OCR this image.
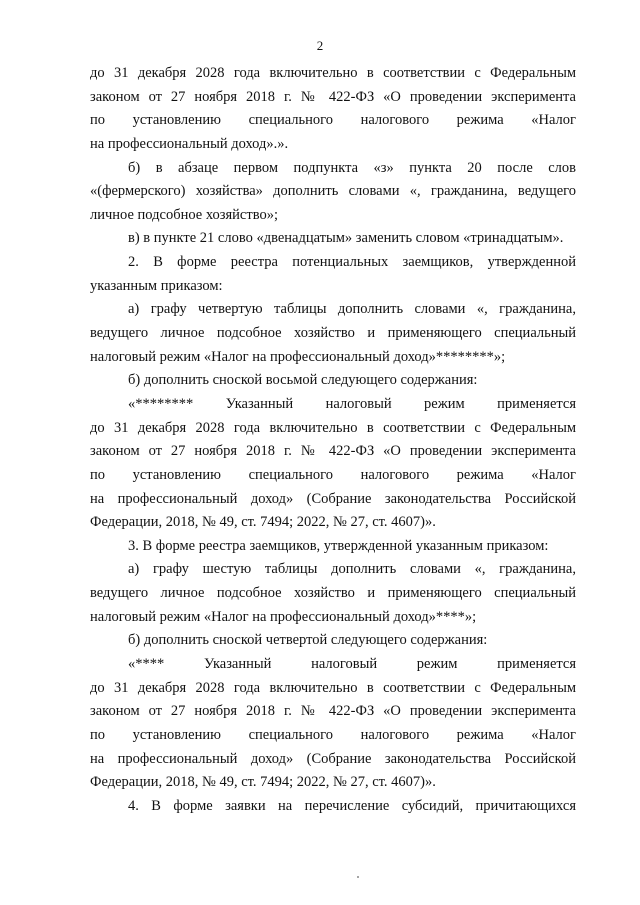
2
до 31 декабря 2028 года включительно в соответствии с Федеральным
законом от 27 ноября 2018 г. № 422-ФЗ «О проведении эксперимента
по установлению специального налогового режима «Налог
на профессиональный доход».».
б) в абзаце первом подпункта «з» пункта 20 после слов
«(фермерского) хозяйства» дополнить словами «, гражданина, ведущего
личное подсобное хозяйство»;
в) в пункте 21 слово «двенадцатым» заменить словом «тринадцатым».
2. В форме реестра потенциальных заемщиков, утвержденной
указанным приказом:
а) графу четвертую таблицы дополнить словами «, гражданина,
ведущего личное подсобное хозяйство и применяющего специальный
налоговый режим «Налог на профессиональный доход»********»;
б) дополнить сноской восьмой следующего содержания:
«******** Указанный налоговый режим применяется
до 31 декабря 2028 года включительно в соответствии с Федеральным
законом от 27 ноября 2018 г. № 422-ФЗ «О проведении эксперимента
по установлению специального налогового режима «Налог
на профессиональный доход» (Собрание законодательства Российской
Федерации, 2018, № 49, ст. 7494; 2022, № 27, ст. 4607)».
3. В форме реестра заемщиков, утвержденной указанным приказом:
а) графу шестую таблицы дополнить словами «, гражданина,
ведущего личное подсобное хозяйство и применяющего специальный
налоговый режим «Налог на профессиональный доход»****»;
б) дополнить сноской четвертой следующего содержания:
«**** Указанный налоговый режим применяется
до 31 декабря 2028 года включительно в соответствии с Федеральным
законом от 27 ноября 2018 г. № 422-ФЗ «О проведении эксперимента
по установлению специального налогового режима «Налог
на профессиональный доход» (Собрание законодательства Российской
Федерации, 2018, № 49, ст. 7494; 2022, № 27, ст. 4607)».
4. В форме заявки на перечисление субсидий, причитающихся
